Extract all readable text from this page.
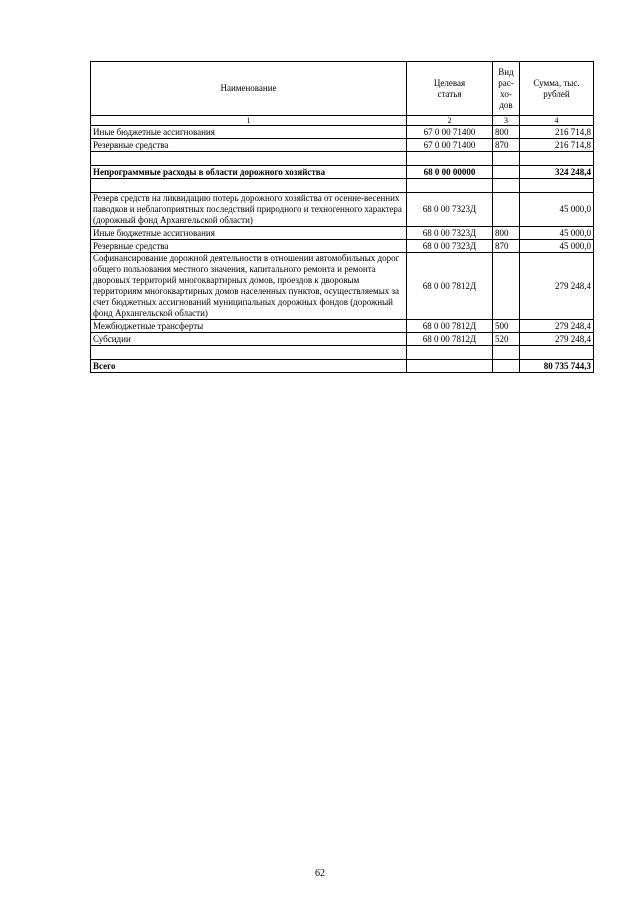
Наименование	Целевая статья	Вид рас-хо-дов	Сумма, тыс. рублей
1	2	3	4
Иные бюджетные ассигнования	67 0 00 71400	800	216 714,8
Резервные средства	67 0 00 71400	870	216 714,8

Непрограммные расходы в области дорожного хозяйства	68 0 00 00000		324 248,4

Резерв средств на ликвидацию потерь дорожного хозяйства от осенне-весенних паводков и неблагоприятных последствий природного и техногенного характера (дорожный фонд Архангельской области)	68 0 00 7323Д		45 000,0
Иные бюджетные ассигнования	68 0 00 7323Д	800	45 000,0
Резервные средства	68 0 00 7323Д	870	45 000,0
Софинансирование дорожной деятельности в отношении автомобильных дорог общего пользования местного значения, капитального ремонта и ремонта дворовых территорий многоквартирных домов, проездов к дворовым территориям многоквартирных домов населенных пунктов, осуществляемых за счет бюджетных ассигнований муниципальных дорожных фондов (дорожный фонд Архангельской области)	68 0 00 7812Д		279 248,4
Межбюджетные трансферты	68 0 00 7812Д	500	279 248,4
Субсидии	68 0 00 7812Д	520	279 248,4

Всего			80 735 744,3
62
